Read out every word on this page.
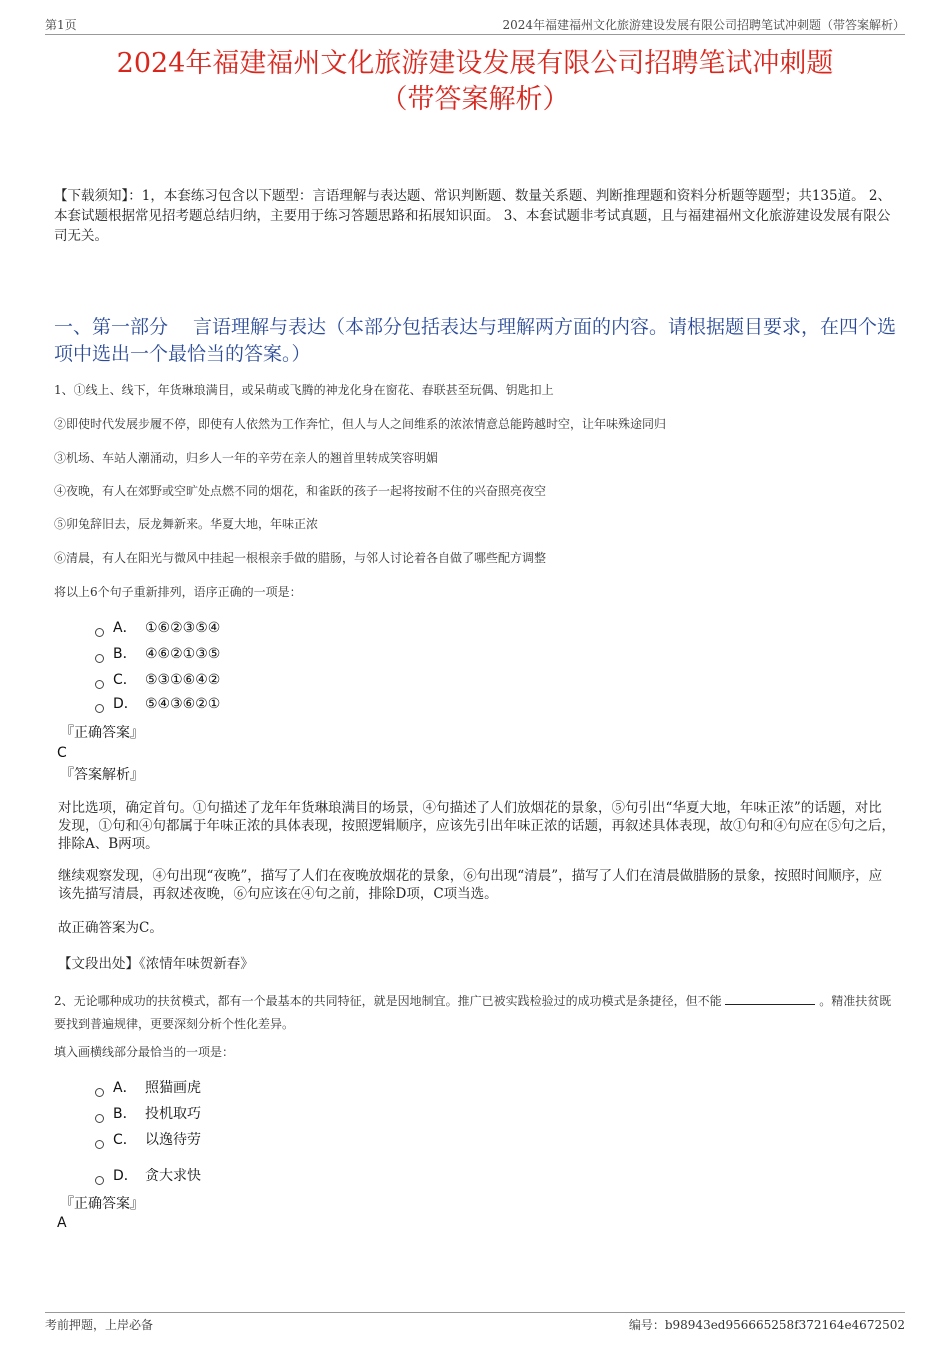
第1页	2024年福建福州文化旅游建设发展有限公司招聘笔试冲刺题（带答案解析）
2024年福建福州文化旅游建设发展有限公司招聘笔试冲刺题
（带答案解析）
【下载须知】：1，本套练习包含以下题型：言语理解与表达题、常识判断题、数量关系题、判断推理题和资料分析题等题型；共135道。 2、本套试题根据常见招考题总结归纳，主要用于练习答题思路和拓展知识面。 3、本套试题非考试真题，且与福建福州文化旅游建设发展有限公司无关。
一、第一部分　 言语理解与表达（本部分包括表达与理解两方面的内容。请根据题目要求，在四个选项中选出一个最恰当的答案。）
1、①线上、线下，年货琳琅满目，或呆萌或飞腾的神龙化身在窗花、春联甚至玩偶、钥匙扣上
②即使时代发展步履不停，即使有人依然为工作奔忙，但人与人之间维系的浓浓情意总能跨越时空，让年味殊途同归
③机场、车站人潮涌动，归乡人一年的辛劳在亲人的翘首里转成笑容明媚
④夜晚，有人在郊野或空旷处点燃不同的烟花，和雀跃的孩子一起将按耐不住的兴奋照亮夜空
⑤卯兔辞旧去，辰龙舞新来。华夏大地，年味正浓
⑥清晨，有人在阳光与微风中挂起一根根亲手做的腊肠，与邻人讨论着各自做了哪些配方调整
将以上6个句子重新排列，语序正确的一项是：
A． ①⑥②③⑤④
B． ④⑥②①③⑤
C． ⑤③①⑥④②
D． ⑤④③⑥②①
『正确答案』
C
『答案解析』
对比选项，确定首句。①句描述了龙年年货琳琅满目的场景，④句描述了人们放烟花的景象，⑤句引出“华夏大地，年味正浓”的话题，对比发现，①句和④句都属于年味正浓的具体表现，按照逻辑顺序，应该先引出年味正浓的话题，再叙述具体表现，故①句和④句应在⑤句之后，排除A、B两项。
继续观察发现，④句出现“夜晚”，描写了人们在夜晚放烟花的景象，⑥句出现“清晨”，描写了人们在清晨做腊肠的景象，按照时间顺序，应该先描写清晨，再叙述夜晚，⑥句应该在④句之前，排除D项，C项当选。
故正确答案为C。
【文段出处】《浓情年味贺新春》
2、无论哪种成功的扶贫模式，都有一个最基本的共同特征，就是因地制宜。推广已被实践检验过的成功模式是条捷径，但不能	。精准扶贫既要找到普遍规律，更要深刻分析个性化差异。
填入画横线部分最恰当的一项是：
A． 照猫画虎
B． 投机取巧
C． 以逸待劳
D． 贪大求快
『正确答案』
A
考前押题，上岸必备	编号：b98943ed956665258f372164e4672502
